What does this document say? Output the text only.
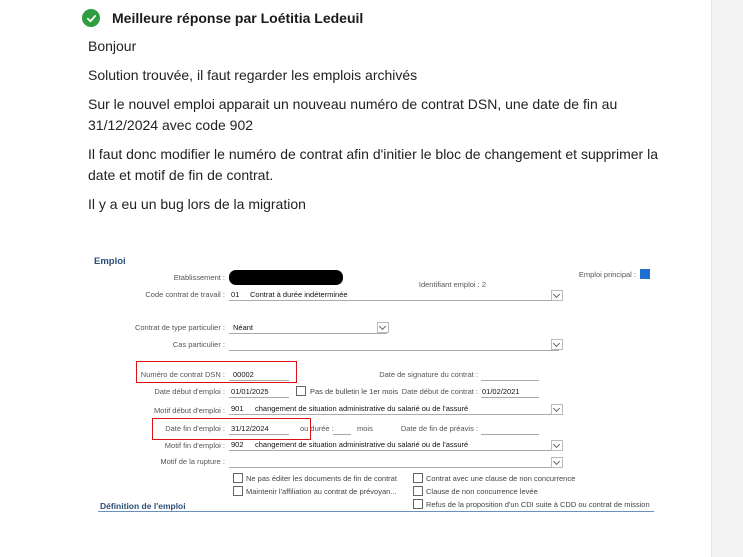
Meilleure réponse par Loétitia Ledeuil
Bonjour
Solution trouvée, il faut regarder les emplois archivés
Sur le nouvel emploi apparait un nouveau numéro de contrat DSN, une date de fin au 31/12/2024 avec code 902
Il faut donc modifier le numéro de contrat afin d'initier le bloc de changement et supprimer la date et motif de fin de contrat.
Il y a eu un bug lors de la migration
Emploi
Etablissement :
Identifiant emploi : 2
Emploi principal :
Code contrat de travail : 01 Contrat à durée indéterminée
Contrat de type particulier : Néant
Cas particulier :
Numéro de contrat DSN : 00002	Date de signature du contrat :
Date début d'emploi : 01/01/2025	Pas de bulletin le 1er mois Date début de contrat : 01/02/2021
Motif début d'emploi : 901 changement de situation administrative du salarié ou de l'assuré
Date fin d'emploi : 31/12/2024	ou durée :	mois	Date de fin de préavis :
Motif fin d'emploi : 902 changement de situation administrative du salarié ou de l'assuré
Motif de la rupture :
Ne pas éditer les documents de fin de contrat
Maintenir l'affiliation au contrat de prévoyan...
Contrat avec une clause de non concurrence
Clause de non concurrence levée
Refus de la proposition d'un CDI suite à CDD ou contrat de mission
Définition de l'emploi
